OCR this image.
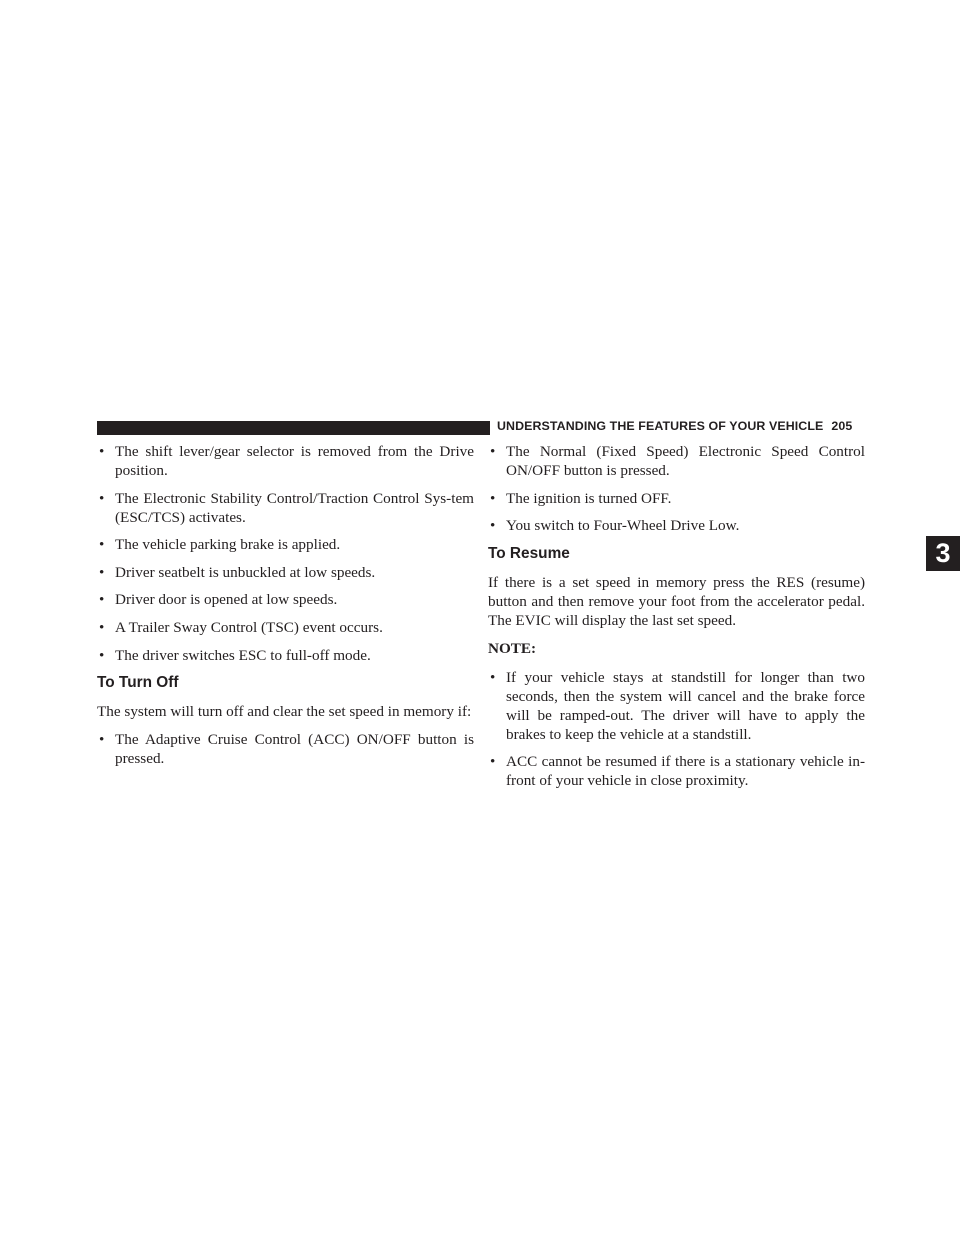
UNDERSTANDING THE FEATURES OF YOUR VEHICLE 205
3
• The shift lever/gear selector is removed from the Drive position.
• The Electronic Stability Control/Traction Control Sys-tem (ESC/TCS) activates.
• The vehicle parking brake is applied.
• Driver seatbelt is unbuckled at low speeds.
• Driver door is opened at low speeds.
• A Trailer Sway Control (TSC) event occurs.
• The driver switches ESC to full-off mode.
To Turn Off

The system will turn off and clear the set speed in memory if:

• The Adaptive Cruise Control (ACC) ON/OFF button is pressed.
• The Normal (Fixed Speed) Electronic Speed Control ON/OFF button is pressed.
• The ignition is turned OFF.
• You switch to Four-Wheel Drive Low.
To Resume

If there is a set speed in memory press the RES (resume) button and then remove your foot from the accelerator pedal. The EVIC will display the last set speed.

NOTE:

• If your vehicle stays at standstill for longer than two seconds, then the system will cancel and the brake force will be ramped-out. The driver will have to apply the brakes to keep the vehicle at a standstill.
• ACC cannot be resumed if there is a stationary vehicle in-front of your vehicle in close proximity.
